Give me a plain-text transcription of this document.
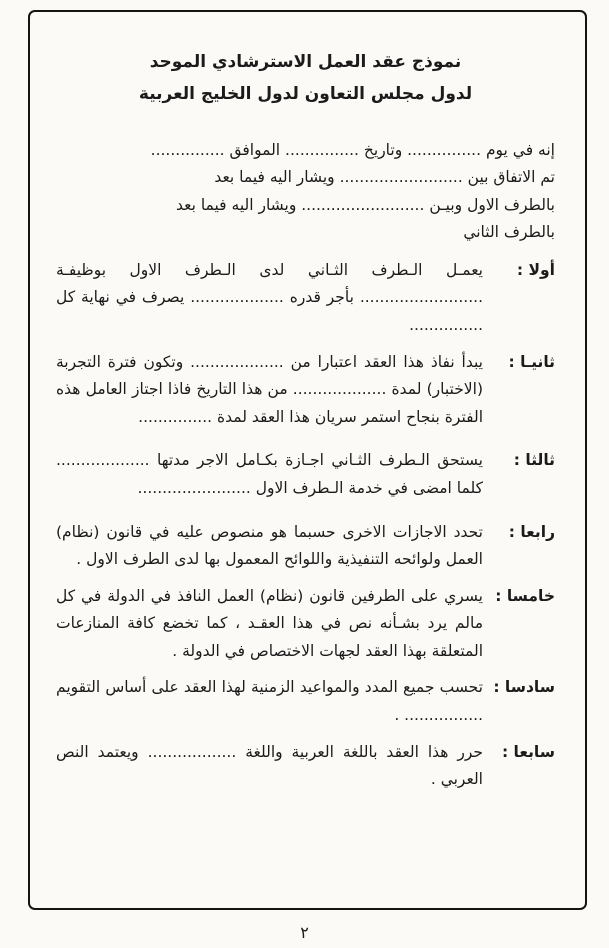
نموذج عقد العمل الاسترشادي الموحد
لدول مجلس التعاون لدول الخليج العربية
إنه في يوم ............... وتاريخ ............... الموافق ...............
تم الاتفاق بين ......................... ويشار اليه فيما بعد
بالطرف الاول وبيـن ......................... ويشار اليه فيما بعد
بالطرف الثاني
أولا :
يعمـل الـطرف الثـاني لدى الـطرف الاول بوظيفـة ......................... بأجر قدره ................... يصرف في نهاية كل ...............
ثانيـا :
يبدأ نفاذ هذا العقد اعتبارا من ................... وتكون فترة التجربة (الاختبار) لمدة ................... من هذا التاريخ فاذا اجتاز العامل هذه الفترة بنجاح استمر سريان هذا العقد لمدة ...............
ثالثا :
يستحق الـطرف الثـاني اجـازة بكـامل الاجر مدتها ................... كلما امضى في خدمة الـطرف الاول .......................
رابعا :
تحدد الاجازات الاخرى حسبما هو منصوص عليه في قانون (نظام) العمل ولوائحه التنفيذية واللوائح المعمول بها لدى الطرف الاول .
خامسا :
يسري على الطرفين قانون (نظام) العمل النافذ في الدولة في كل مالم يرد بشـأنه نص في هذا العقـد ، كما تخضع كافة المنازعات المتعلقة بهذا العقد لجهات الاختصاص في الدولة .
سادسا :
تحسب جميع المدد والمواعيد الزمنية لهذا العقد على أساس التقويم ................ .
سابعا :
حرر هذا العقد باللغة العربية واللغة .................. ويعتمد النص العربي .
٢
